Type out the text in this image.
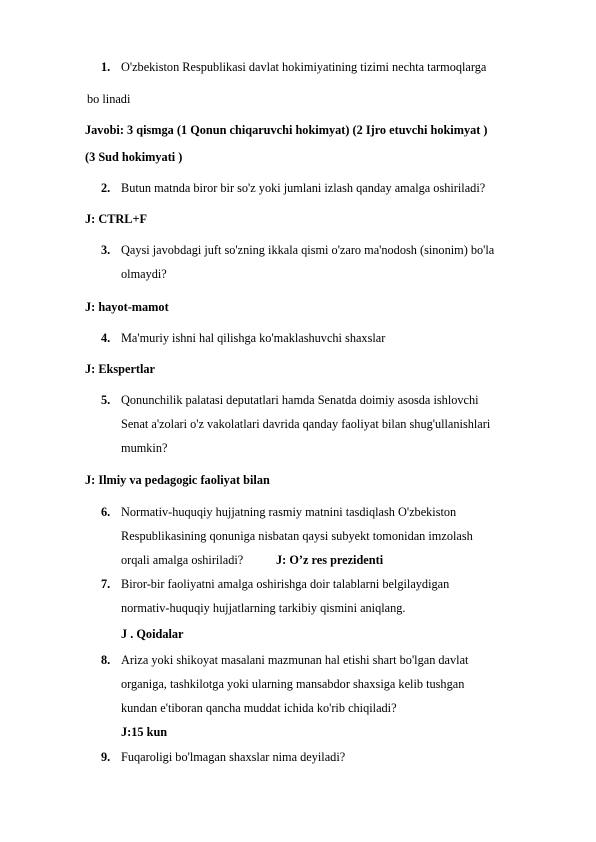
1. O'zbekiston Respublikasi davlat hokimiyatining tizimi nechta tarmoqlarga
bo linadi
Javobi: 3 qismga (1 Qonun chiqaruvchi hokimyat) (2 Ijro etuvchi hokimyat )
(3 Sud hokimyati )
2. Butun matnda biror bir so'z yoki jumlani izlash qanday amalga oshiriladi?
J: CTRL+F
3. Qaysi javobdagi juft so'zning ikkala qismi o'zaro ma'nodosh (sinonim) bo'la
olmaydi?
J: hayot-mamot
4. Ma'muriy ishni hal qilishga ko'maklashuvchi shaxslar
J: Ekspertlar
5. Qonunchilik palatasi deputatlari hamda Senatda doimiy asosda ishlovchi
Senat a'zolari o'z vakolatlari davrida qanday faoliyat bilan shug'ullanishlari
mumkin?
J: Ilmiy va pedagogic faoliyat bilan
6. Normativ-huquqiy hujjatning rasmiy matnini tasdiqlash O'zbekiston
Respublikasining qonuniga nisbatan qaysi subyekt tomonidan imzolash
orqali amalga oshiriladi?	J: O’z res prezidenti
7. Biror-bir faoliyatni amalga oshirishga doir talablarni belgilaydigan
normativ-huquqiy hujjatlarning tarkibiy qismini aniqlang.
J . Qoidalar
8. Ariza yoki shikoyat masalani mazmunan hal etishi shart bo'lgan davlat
organiga, tashkilotga yoki ularning mansabdor shaxsiga kelib tushgan
kundan e'tiboran qancha muddat ichida ko'rib chiqiladi?
J:15 kun
9. Fuqaroligi bo'lmagan shaxslar nima deyiladi?
